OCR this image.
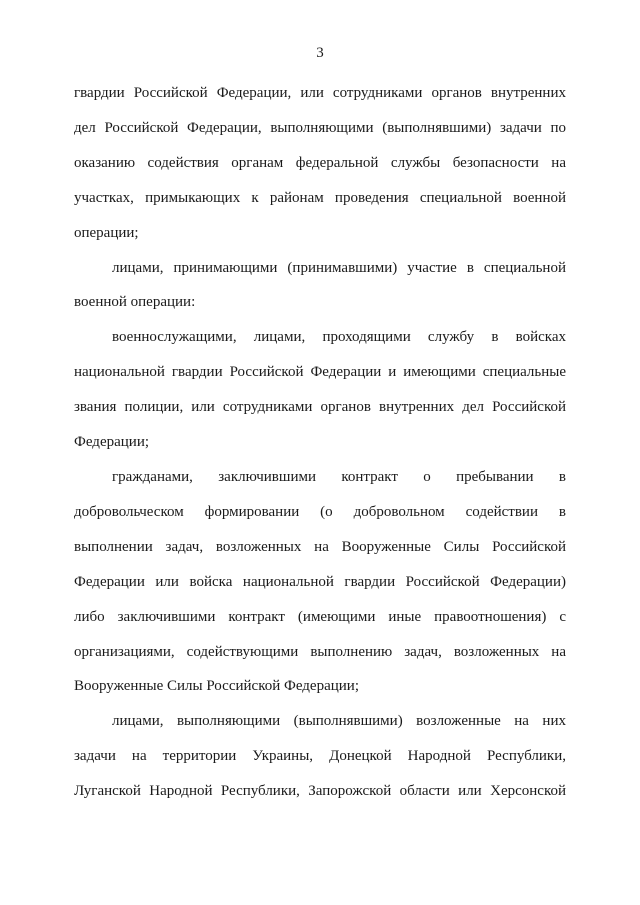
3
гвардии Российской Федерации, или сотрудниками органов внутренних
дел Российской Федерации, выполняющими (выполнявшими) задачи по
оказанию содействия органам федеральной службы безопасности на
участках, примыкающих к районам проведения специальной военной
операции;
лицами, принимающими (принимавшими) участие в специальной
военной операции:
военнослужащими, лицами, проходящими службу в войсках
национальной гвардии Российской Федерации и имеющими специальные
звания полиции, или сотрудниками органов внутренних дел Российской
Федерации;
гражданами, заключившими контракт о пребывании в
добровольческом формировании (о добровольном содействии в
выполнении задач, возложенных на Вооруженные Силы Российской
Федерации или войска национальной гвардии Российской Федерации)
либо заключившими контракт (имеющими иные правоотношения) с
организациями, содействующими выполнению задач, возложенных на
Вооруженные Силы Российской Федерации;
лицами, выполняющими (выполнявшими) возложенные на них
задачи на территории Украины, Донецкой Народной Республики,
Луганской Народной Республики, Запорожской области или Херсонской
